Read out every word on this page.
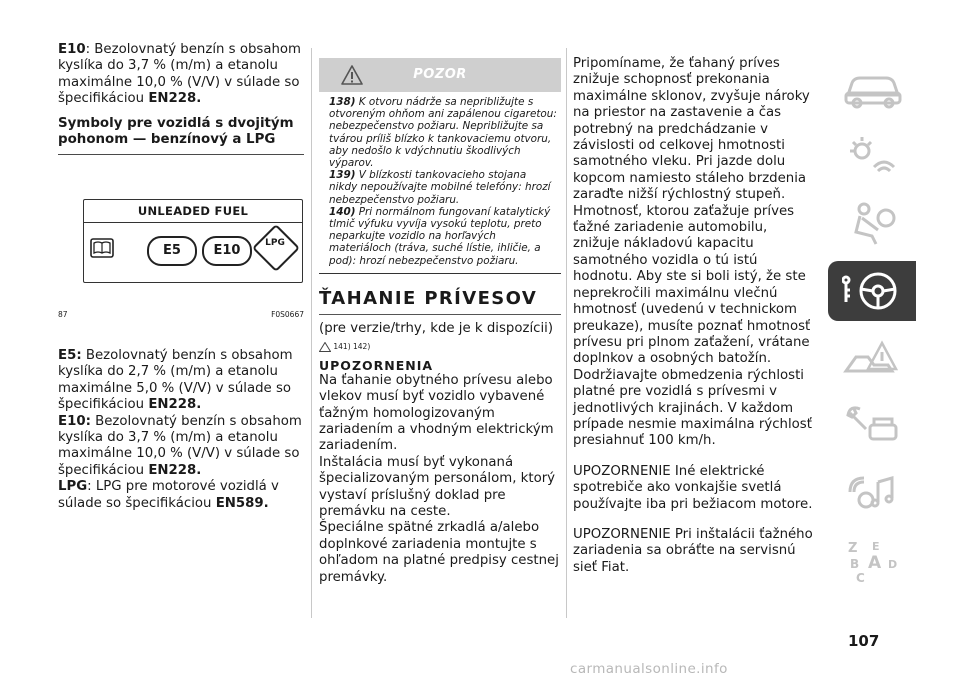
E10: Bezolovnatý benzín s obsahom kyslíka do 3,7 % (m/m) a etanolu maximálne 10,0 % (V/V) v súlade so špecifikáciou EN228.

Symboly pre vozidlá s dvojitým pohonom — benzínový a LPG
UNLEADED FUEL
E5	E10	LPG
87	F0S0667

E5: Bezolovnatý benzín s obsahom kyslíka do 2,7 % (m/m) a etanolu maximálne 5,0 % (V/V) v súlade so špecifikáciou EN228.

E10: Bezolovnatý benzín s obsahom kyslíka do 3,7 % (m/m) a etanolu maximálne 10,0 % (V/V) v súlade so špecifikáciou EN228.

LPG: LPG pre motorové vozidlá v súlade so špecifikáciou EN589.

POZOR

138) K otvoru nádrže sa nepribližujte s otvoreným ohňom ani zapálenou cigaretou: nebezpečenstvo požiaru. Nepribližujte sa tvárou príliš blízko k tankovaciemu otvoru, aby nedošlo k vdýchnutiu škodlivých výparov.

139) V blízkosti tankovacieho stojana nikdy nepoužívajte mobilné telefóny: hrozí nebezpečenstvo požiaru.

140) Pri normálnom fungovaní katalytický tlmič výfuku vyvíja vysokú teplotu, preto neparkujte vozidlo na horľavých materiáloch (tráva, suché lístie, ihličie, a pod): hrozí nebezpečenstvo požiaru.

ŤAHANIE PRÍVESOV

(pre verzie/trhy, kde je k dispozícii)

141) 142)
UPOZORNENIA

Na ťahanie obytného prívesu alebo vlekov musí byť vozidlo vybavené ťažným homologizovaným zariadením a vhodným elektrickým zariadením.

Inštalácia musí byť vykonaná špecializovaným personálom, ktorý vystaví príslušný doklad pre premávku na ceste.

Špeciálne spätné zrkadlá a/alebo doplnkové zariadenia montujte s ohľadom na platné predpisy cestnej premávky.

Pripomíname, že ťahaný príves znižuje schopnosť prekonania maximálne sklonov, zvyšuje nároky na priestor na zastavenie a čas potrebný na predchádzanie v závislosti od celkovej hmotnosti samotného vleku. Pri jazde dolu kopcom namiesto stáleho brzdenia zaraďte nižší rýchlostný stupeň.

Hmotnosť, ktorou zaťažuje príves ťažné zariadenie automobilu, znižuje nákladovú kapacitu samotného vozidla o tú istú hodnotu. Aby ste si boli istý, že ste neprekročili maximálnu vlečnú hmotnosť (uvedenú v technickom preukaze), musíte poznať hmotnosť prívesu pri plnom zaťažení, vrátane doplnkov a osobných batožín.

Dodržiavajte obmedzenia rýchlosti platné pre vozidlá s prívesmi v jednotlivých krajinách. V každom prípade nesmie maximálna rýchlosť presiahnuť 100 km/h.

UPOZORNENIE Iné elektrické spotrebiče ako vonkajšie svetlá používajte iba pri bežiacom motore.

UPOZORNENIE Pri inštalácii ťažného zariadenia sa obráťte na servisnú sieť Fiat.

Z E
B A D
C
107
carmanualsonline.info
